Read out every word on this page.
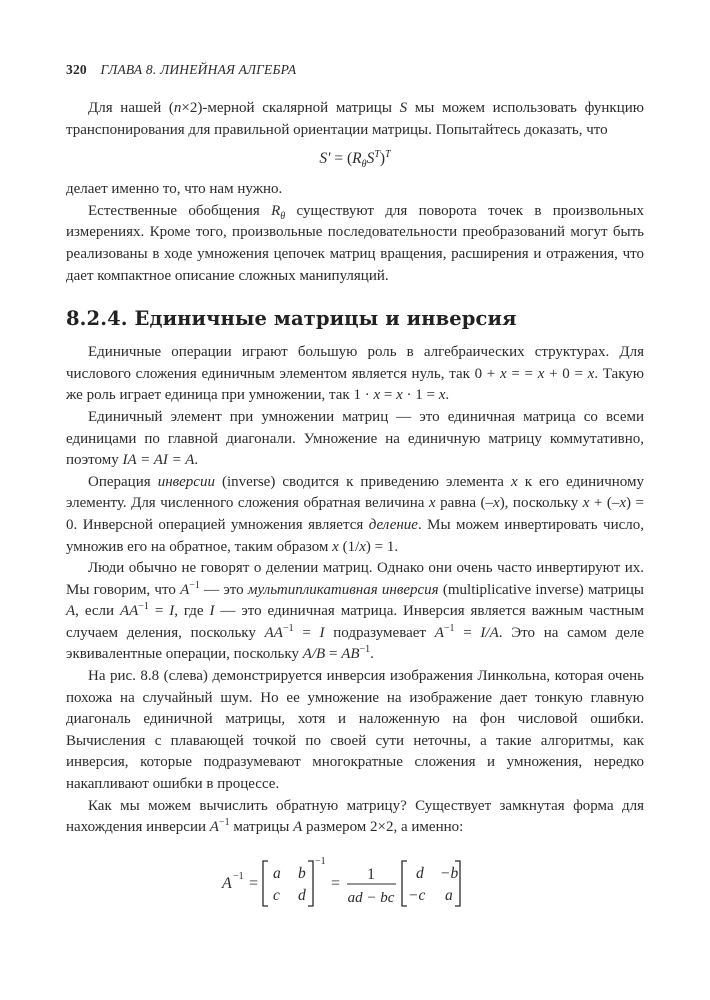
320 ГЛАВА 8. ЛИНЕЙНАЯ АЛГЕБРА

Для нашей (n×2)-мерной скалярной матрицы S мы можем использовать функцию транспонирования для правильной ориентации матрицы. Попытайтесь доказать, что

$S' = (R_\theta S^T)^T$

делает именно то, что нам нужно.

Естественные обобщения $R_\theta$ существуют для поворота точек в произвольных измерениях. Кроме того, произвольные последовательности преобразований могут быть реализованы в ходе умножения цепочек матриц вращения, расширения и отражения, что дает компактное описание сложных манипуляций.

8.2.4. Единичные матрицы и инверсия

Единичные операции играют большую роль в алгебраических структурах. Для числового сложения единичным элементом является нуль, так 0 + x = = x + 0 = x. Такую же роль играет единица при умножении, так 1 · x = x · 1 = x.

Единичный элемент при умножении матриц — это единичная матрица со всеми единицами по главной диагонали. Умножение на единичную матрицу коммутативно, поэтому IA = AI = A.

Операция инверсии (inverse) сводится к приведению элемента x к его единичному элементу. Для численного сложения обратная величина x равна (–x), поскольку x + (–x) = 0. Инверсной операцией умножения является деление. Мы можем инвертировать число, умножив его на обратное, таким образом x (1/x) = 1.

Люди обычно не говорят о делении матриц. Однако они очень часто инвертируют их. Мы говорим, что $A^{-1}$ — это мультипликативная инверсия (multiplicative inverse) матрицы A, если $AA^{-1} = I$, где I — это единичная матрица. Инверсия является важным частным случаем деления, поскольку $AA^{-1} = I$ подразумевает $A^{-1} = I/A$. Это на самом деле эквивалентные операции, поскольку $A/B = AB^{-1}$.

На рис. 8.8 (слева) демонстрируется инверсия изображения Линкольна, которая очень похожа на случайный шум. Но ее умножение на изображение дает тонкую главную диагональ единичной матрицы, хотя и наложенную на фон числовой ошибки. Вычисления с плавающей точкой по своей сути неточны, а такие алгоритмы, как инверсия, которые подразумевают многократные сложения и умножения, нередко накапливают ошибки в процессе.

Как мы можем вычислить обратную матрицу? Существует замкнутая форма для нахождения инверсии $A^{-1}$ матрицы A размером 2×2, а именно:

A −1 =
a b
c d
−1
=
1
ad − bc
d −b
−c a
